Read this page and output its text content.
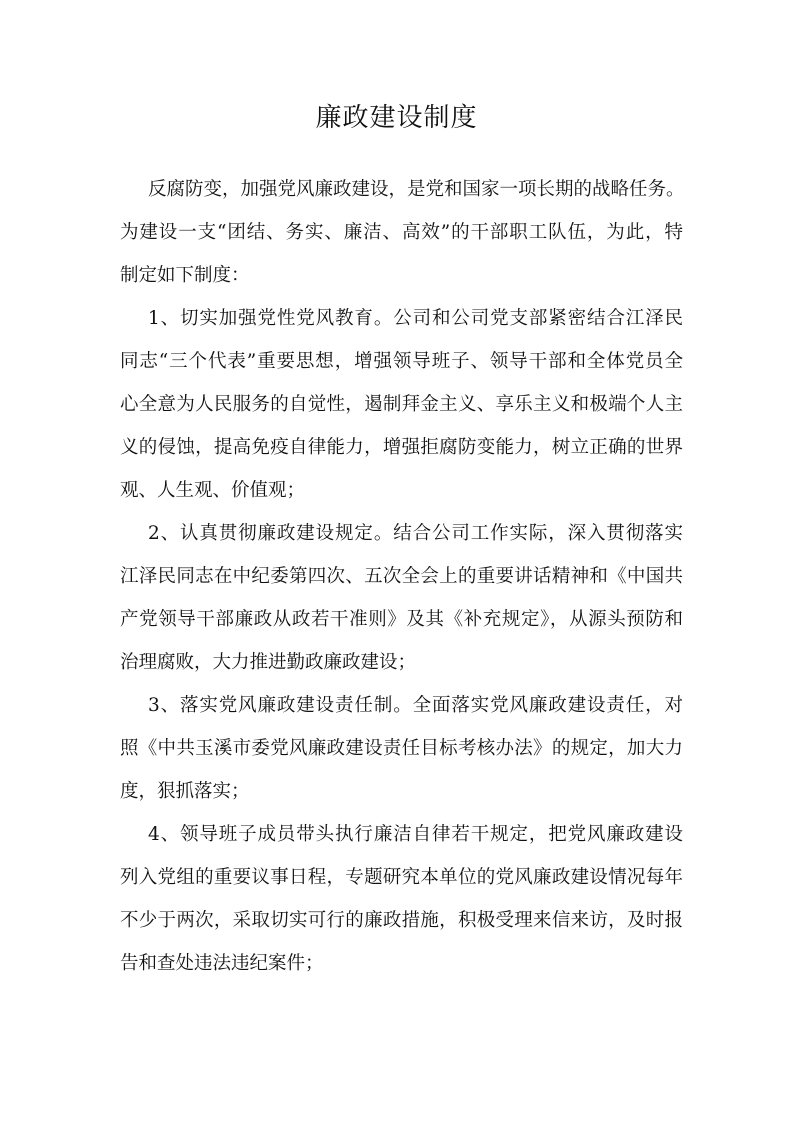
廉政建设制度
反腐防变，加强党风廉政建设，是党和国家一项长期的战略任务。
为建设一支“团结、务实、廉洁、高效”的干部职工队伍，为此，特
制定如下制度：
1、切实加强党性党风教育。公司和公司党支部紧密结合江泽民
同志“三个代表”重要思想，增强领导班子、领导干部和全体党员全
心全意为人民服务的自觉性，遏制拜金主义、享乐主义和极端个人主
义的侵蚀，提高免疫自律能力，增强拒腐防变能力，树立正确的世界
观、人生观、价值观；
2、认真贯彻廉政建设规定。结合公司工作实际，深入贯彻落实
江泽民同志在中纪委第四次、五次全会上的重要讲话精神和《中国共
产党领导干部廉政从政若干准则》及其《补充规定》，从源头预防和
治理腐败，大力推进勤政廉政建设；
3、落实党风廉政建设责任制。全面落实党风廉政建设责任，对
照《中共玉溪市委党风廉政建设责任目标考核办法》的规定，加大力
度，狠抓落实；
4、领导班子成员带头执行廉洁自律若干规定，把党风廉政建设
列入党组的重要议事日程，专题研究本单位的党风廉政建设情况每年
不少于两次，采取切实可行的廉政措施，积极受理来信来访，及时报
告和查处违法违纪案件；
